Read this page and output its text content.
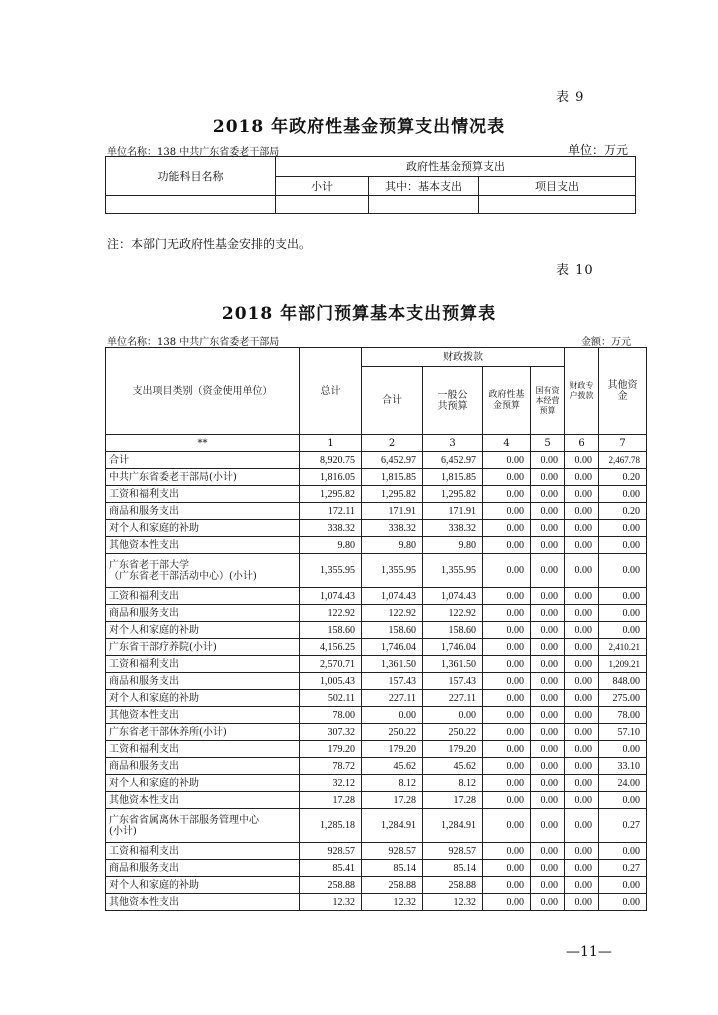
表 9
2018 年政府性基金预算支出情况表
单位名称：138 中共广东省委老干部局	单位：万元
功能科目名称	政府性基金预算支出		
	小计	其中：基本支出	项目支出

注：本部门无政府性基金安排的支出。
表 10
2018 年部门预算基本支出预算表
单位名称：138 中共广东省委老干部局	金额：万元
支出项目类别（资金使用单位）	总计	财政拨款				财政专户拨款	其他资金
		合计	一般公共预算	政府性基金预算	国有资本经营预算		
**	1	2	3	4	5	6	7
合计	8,920.75	6,452.97	6,452.97	0.00	0.00	0.00	2,467.78
中共广东省委老干部局(小计)	1,816.05	1,815.85	1,815.85	0.00	0.00	0.00	0.20
工资和福利支出	1,295.82	1,295.82	1,295.82	0.00	0.00	0.00	0.00
商品和服务支出	172.11	171.91	171.91	0.00	0.00	0.00	0.20
对个人和家庭的补助	338.32	338.32	338.32	0.00	0.00	0.00	0.00
其他资本性支出	9.80	9.80	9.80	0.00	0.00	0.00	0.00
广东省老干部大学
（广东省老干部活动中心）(小计)	1,355.95	1,355.95	1,355.95	0.00	0.00	0.00	0.00
工资和福利支出	1,074.43	1,074.43	1,074.43	0.00	0.00	0.00	0.00
商品和服务支出	122.92	122.92	122.92	0.00	0.00	0.00	0.00
对个人和家庭的补助	158.60	158.60	158.60	0.00	0.00	0.00	0.00
广东省干部疗养院(小计)	4,156.25	1,746.04	1,746.04	0.00	0.00	0.00	2,410.21
工资和福利支出	2,570.71	1,361.50	1,361.50	0.00	0.00	0.00	1,209.21
商品和服务支出	1,005.43	157.43	157.43	0.00	0.00	0.00	848.00
对个人和家庭的补助	502.11	227.11	227.11	0.00	0.00	0.00	275.00
其他资本性支出	78.00	0.00	0.00	0.00	0.00	0.00	78.00
广东省老干部休养所(小计)	307.32	250.22	250.22	0.00	0.00	0.00	57.10
工资和福利支出	179.20	179.20	179.20	0.00	0.00	0.00	0.00
商品和服务支出	78.72	45.62	45.62	0.00	0.00	0.00	33.10
对个人和家庭的补助	32.12	8.12	8.12	0.00	0.00	0.00	24.00
其他资本性支出	17.28	17.28	17.28	0.00	0.00	0.00	0.00
广东省省属离休干部服务管理中心
(小计)	1,285.18	1,284.91	1,284.91	0.00	0.00	0.00	0.27
工资和福利支出	928.57	928.57	928.57	0.00	0.00	0.00	0.00
商品和服务支出	85.41	85.14	85.14	0.00	0.00	0.00	0.27
对个人和家庭的补助	258.88	258.88	258.88	0.00	0.00	0.00	0.00
其他资本性支出	12.32	12.32	12.32	0.00	0.00	0.00	0.00
—11—
